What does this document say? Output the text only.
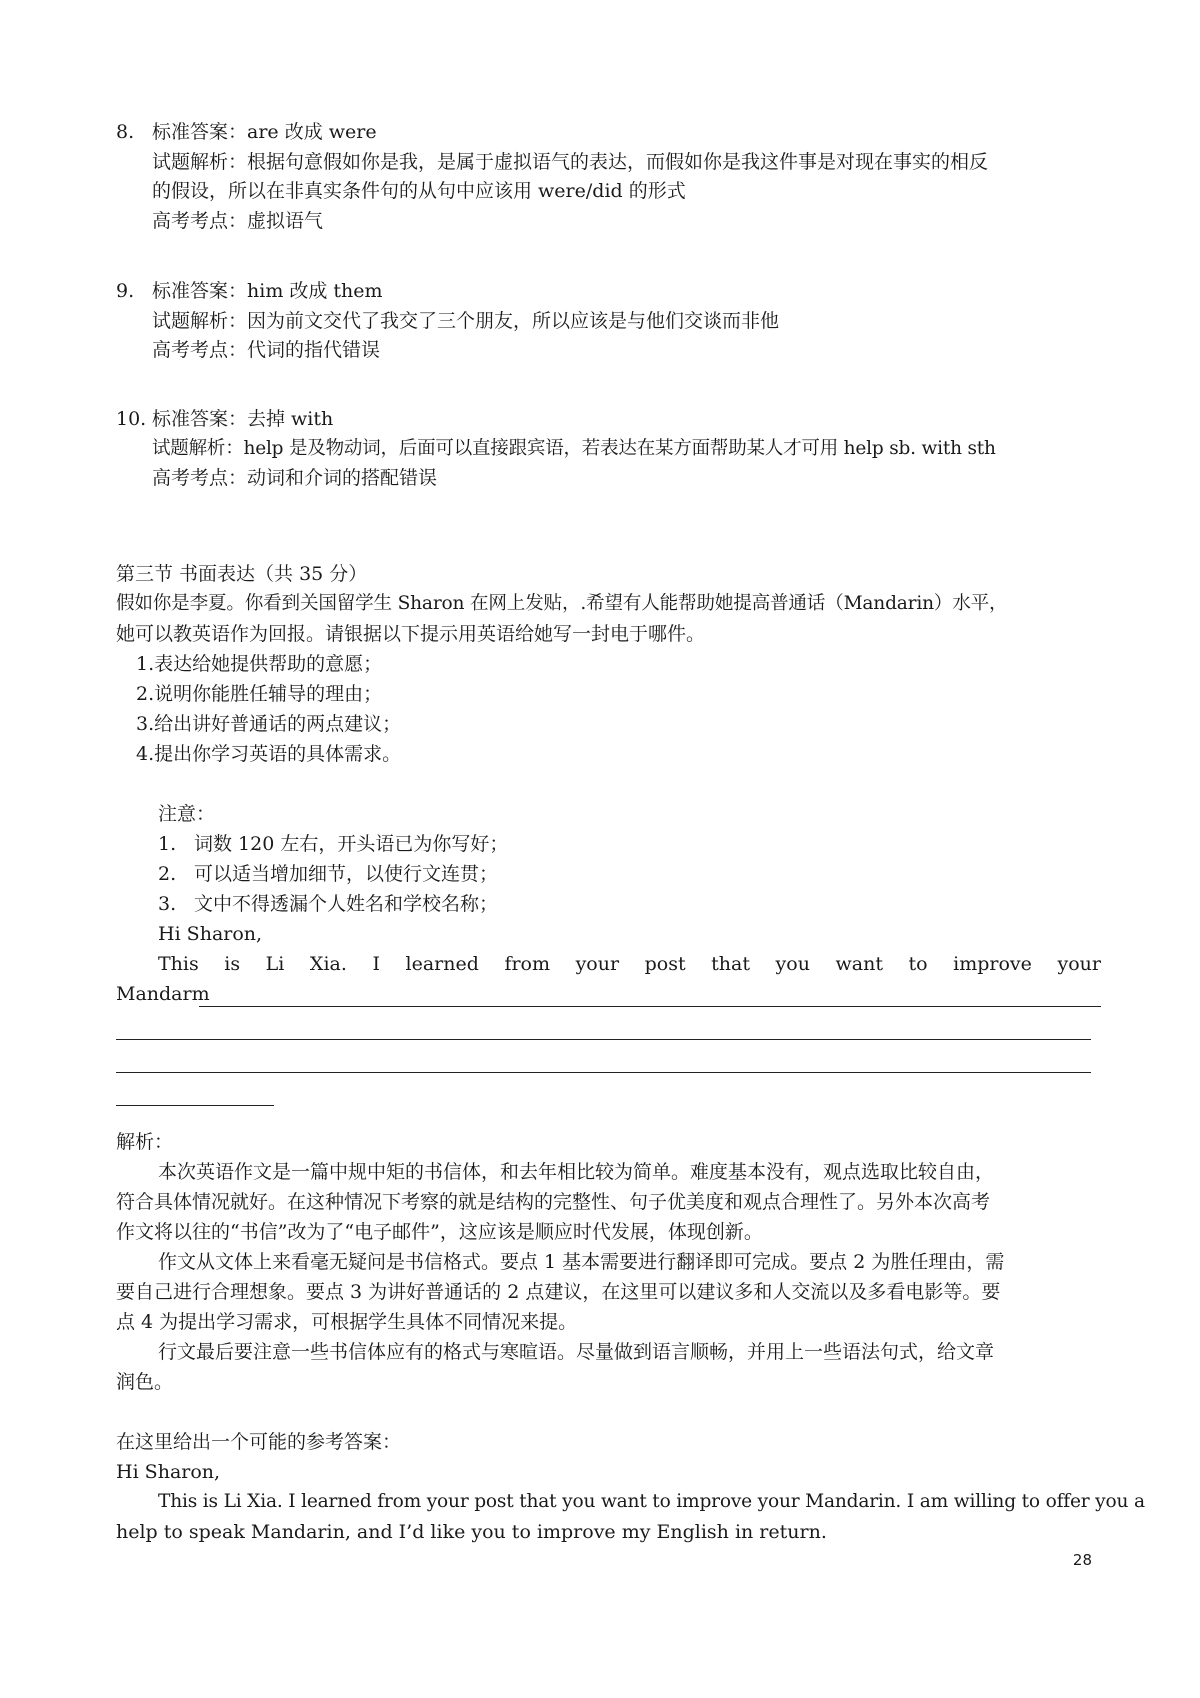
8. 标准答案：are 改成 were
试题解析：根据句意假如你是我，是属于虚拟语气的表达，而假如你是我这件事是对现在事实的相反
的假设，所以在非真实条件句的从句中应该用 were/did 的形式
高考考点：虚拟语气
9. 标准答案：him 改成 them
试题解析：因为前文交代了我交了三个朋友，所以应该是与他们交谈而非他
高考考点：代词的指代错误
10. 标准答案：去掉 with
试题解析：help 是及物动词，后面可以直接跟宾语，若表达在某方面帮助某人才可用 help sb. with sth
高考考点：动词和介词的搭配错误
第三节 书面表达（共 35 分）
假如你是李夏。你看到关国留学生 Sharon 在网上发贴，.希望有人能帮助她提高普通话（Mandarin）水平，
她可以教英语作为回报。请银据以下提示用英语给她写一封电于哪件。
1.表达给她提供帮助的意愿；
2.说明你能胜任辅导的理由；
3.给出讲好普通话的两点建议；
4.提出你学习英语的具体需求。
注意：
1. 词数 120 左右，开头语已为你写好；
2. 可以适当增加细节，以使行文连贯；
3. 文中不得透漏个人姓名和学校名称；
Hi Sharon,
This is Li Xia. I learned from your post that you want to improve your
Mandarm
解析：
本次英语作文是一篇中规中矩的书信体，和去年相比较为简单。难度基本没有，观点选取比较自由，
符合具体情况就好。在这种情况下考察的就是结构的完整性、句子优美度和观点合理性了。另外本次高考
作文将以往的“书信”改为了“电子邮件”，这应该是顺应时代发展，体现创新。
作文从文体上来看毫无疑问是书信格式。要点 1 基本需要进行翻译即可完成。要点 2 为胜任理由，需
要自己进行合理想象。要点 3 为讲好普通话的 2 点建议，在这里可以建议多和人交流以及多看电影等。要
点 4 为提出学习需求，可根据学生具体不同情况来提。
行文最后要注意一些书信体应有的格式与寒暄语。尽量做到语言顺畅，并用上一些语法句式，给文章
润色。
在这里给出一个可能的参考答案：
Hi Sharon,
This is Li Xia. I learned from your post that you want to improve your Mandarin. I am willing to offer you a
help to speak Mandarin, and I’d like you to improve my English in return.
28
